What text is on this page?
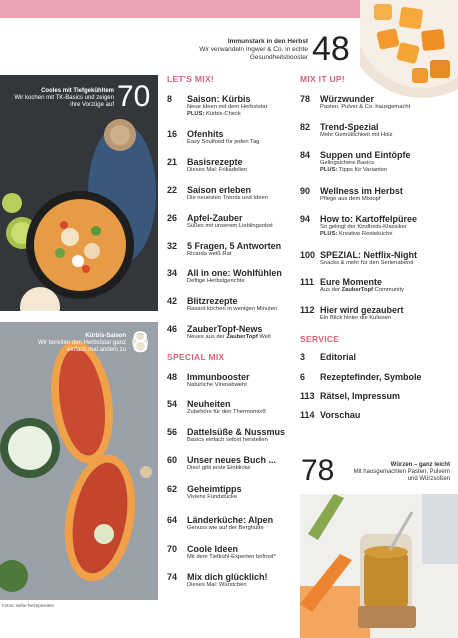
Immunstark in den Herbst
Wir verwandeln Ingwer & Co. in echte Gesundheitsbooster 48
Cooles mit Tiefgekühltem
Wir kochen mit TK-Basics und zeigen ihre Vorzüge auf 70
Kürbis-Saison
Wir bereiten den Herbststar ganz einfach mal anders zu 8
Fotos: siehe Rezeptseiten
78	Würzen – ganz leicht
Mit hausgemachten Pasten, Pulvern und Würzsoßen
LET'S MIX!
SPECIAL MIX
MIX IT UP!
SERVICE
8	Saison: Kürbis
Neue Ideen mit dem Herbststar
PLUS: Kürbis-Check
16	Ofenhits
Easy Soulfood für jeden Tag
21	Basisrezepte
Dieses Mal: Frikadellen
22	Saison erleben
Die neuesten Trends und Ideen
26	Apfel-Zauber
Süßes mit unserem Lieblingsobst
32	5 Fragen, 5 Antworten
Ricarda weiß Rat
34	All in one: Wohlfühlen
Deftige Herbstgerichte
42	Blitzrezepte
Rasant kochen in wenigen Minuten
46	ZauberTopf-News
Neues aus der ZauberTopf Welt
48	Immunbooster
Natürliche Virenabwehr
54	Neuheiten
Zubehöre für den Thermomix®
56	Dattelsüße & Nussmus
Basics einfach selbst herstellen
60	Unser neues Buch ...
Dies! gibt erste Einblicke
62	Geheimtipps
Viviens Fundstücke
64	Länderküche: Alpen
Genuss wie auf der Berghütte
70	Coole Ideen
Mit dem Tiefkühl-Experten bofrost*
74	Mix dich glücklich!
Dieses Mal: Würstchen
78	Würzwunder
Pasten, Pulver & Co. hausgemacht
82	Trend-Spezial
Mehr Gemütlichkeit mit Holz
84	Suppen und Eintöpfe
Gelingsichere Basics
PLUS: Tipps für Varianten
90	Wellness im Herbst
Pflege aus dem Mixtopf
94	How to: Kartoffelpüree
So gelingt der Kindheits-Klassiker
PLUS: Kreative Resteküche
100 SPEZIAL: Netflix-Night
Snacks & mehr für den Serienabend
111 Eure Momente
Aus der ZauberTopf Community
112 Hier wird gezaubert
Ein Blick hinter die Kulissen
3	Editorial
6	Rezeptefinder, Symbole
113 Rätsel, Impressum
114 Vorschau
